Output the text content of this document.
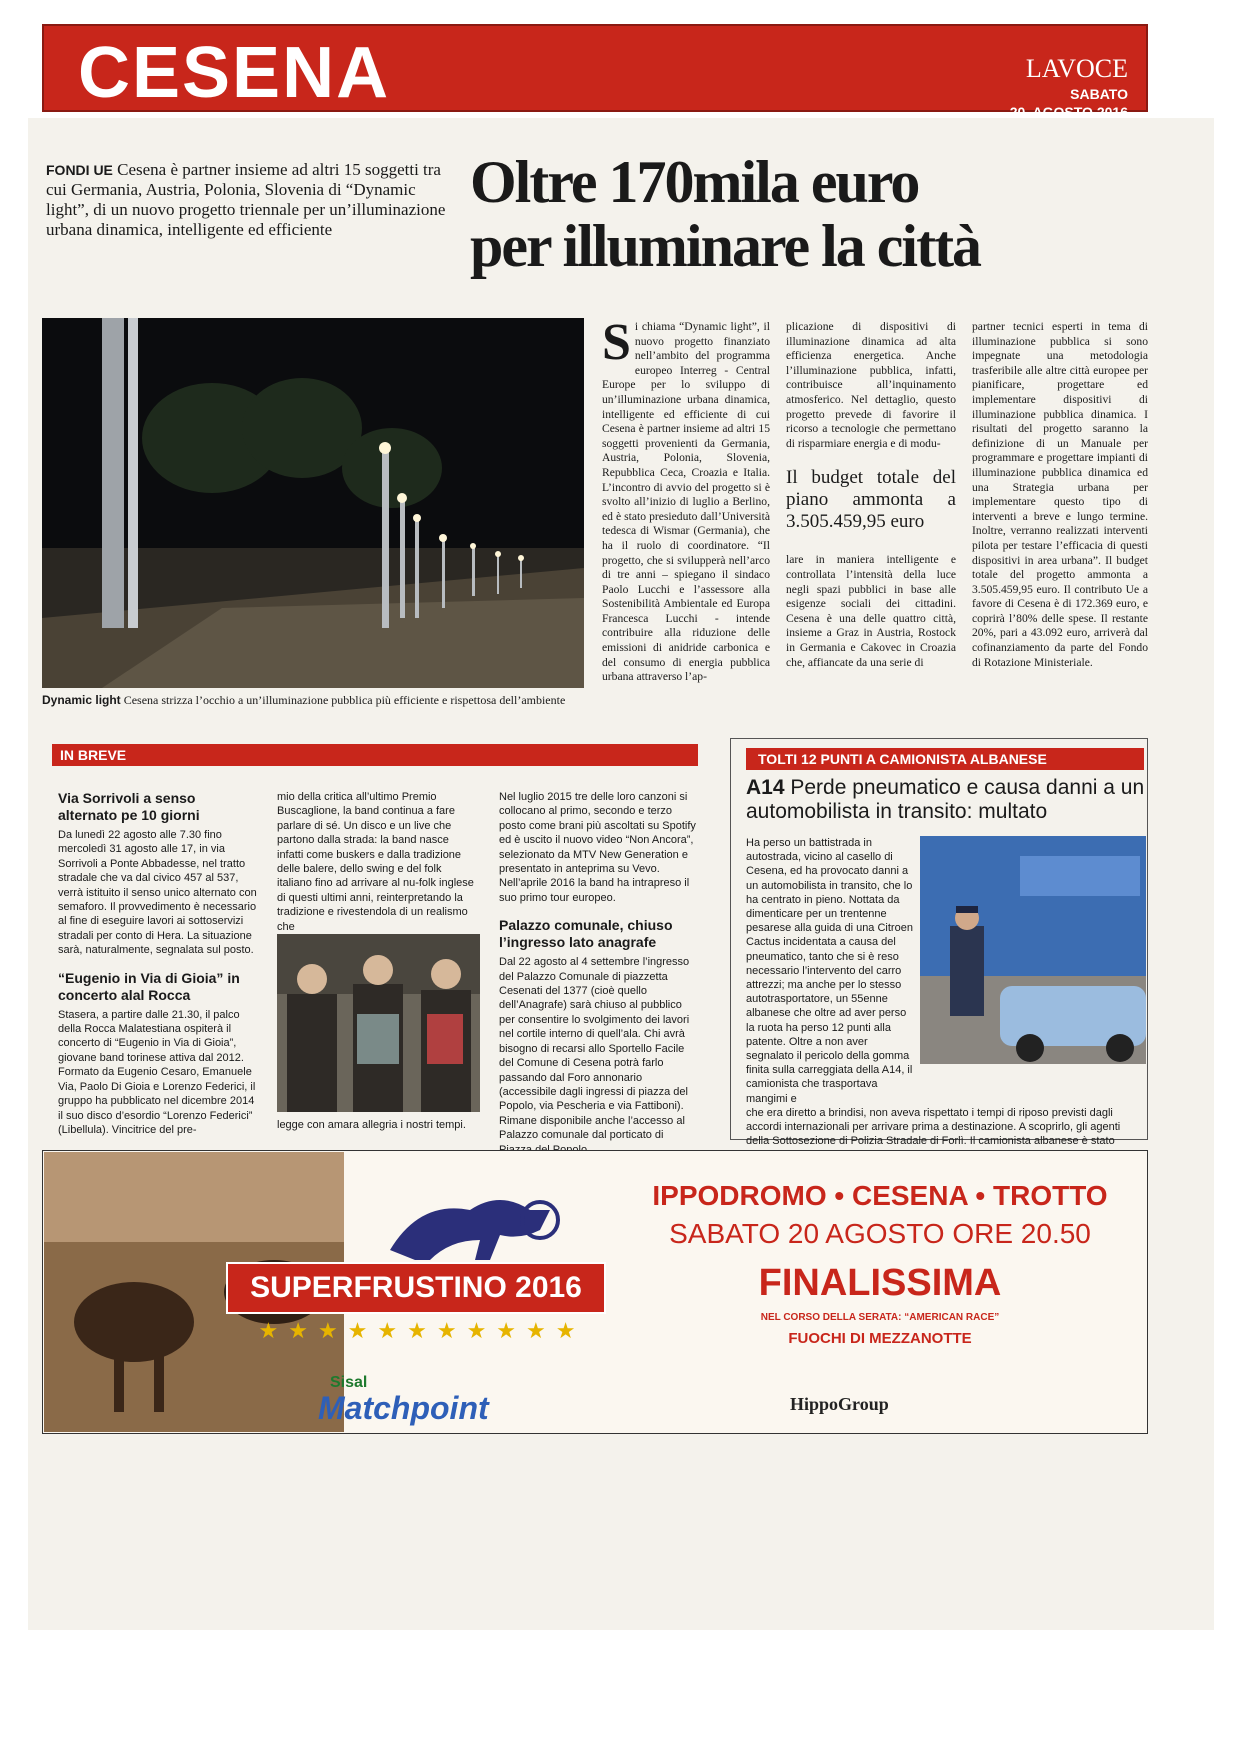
CESENA	LAVOCE
SABATO
20. AGOSTO 2016
FONDI UE Cesena è partner insieme ad altri 15 soggetti tra cui Germania, Austria, Polonia, Slovenia di “Dynamic light”, di un nuovo progetto triennale per un’illuminazione urbana dinamica, intelligente ed efficiente
Oltre 170mila euro
per illuminare la città
Dynamic light Cesena strizza l’occhio a un’illuminazione pubblica più efficiente e rispettosa dell’ambiente
Si chiama “Dynamic light”, il nuovo progetto finanziato nell’ambito del programma europeo Interreg - Central Europe per lo sviluppo di un’illuminazione urbana dinamica, intelligente ed efficiente di cui Cesena è partner insieme ad altri 15 soggetti provenienti da Germania, Austria, Polonia, Slovenia, Repubblica Ceca, Croazia e Italia. L’incontro di avvio del progetto si è svolto all’inizio di luglio a Berlino, ed è stato presieduto dall’Università tedesca di Wismar (Germania), che ha il ruolo di coordinatore. “Il progetto, che si svilupperà nell’arco di tre anni – spiegano il sindaco Paolo Lucchi e l’assessore alla Sostenibilità Ambientale ed Europa Francesca Lucchi - intende contribuire alla riduzione delle emissioni di anidride carbonica e del consumo di energia pubblica urbana attraverso l’ap-
plicazione di dispositivi di illuminazione dinamica ad alta efficienza energetica. Anche l’illuminazione pubblica, infatti, contribuisce all’inquinamento atmosferico. Nel dettaglio, questo progetto prevede di favorire il ricorso a tecnologie che permettano di risparmiare energia e di modu-
Il budget totale del piano ammonta a 3.505.459,95 euro
lare in maniera intelligente e controllata l’intensità della luce negli spazi pubblici in base alle esigenze sociali dei cittadini. Cesena è una delle quattro città, insieme a Graz in Austria, Rostock in Germania e Cakovec in Croazia che, affiancate da una serie di
partner tecnici esperti in tema di illuminazione pubblica si sono impegnate una metodologia trasferibile alle altre città europee per pianificare, progettare ed implementare dispositivi di illuminazione pubblica dinamica. I risultati del progetto saranno la definizione di un Manuale per programmare e progettare impianti di illuminazione pubblica dinamica ed una Strategia urbana per implementare questo tipo di interventi a breve e lungo termine. Inoltre, verranno realizzati interventi pilota per testare l’efficacia di questi dispositivi in area urbana”. Il budget totale del progetto ammonta a 3.505.459,95 euro. Il contributo Ue a favore di Cesena è di 172.369 euro, e coprirà l’80% delle spese. Il restante 20%, pari a 43.092 euro, arriverà dal cofinanziamento da parte del Fondo di Rotazione Ministeriale.
IN BREVE
Via Sorrivoli a senso alternato pe 10 giorni
Da lunedì 22 agosto alle 7.30 fino mercoledì 31 agosto alle 17, in via Sorrivoli a Ponte Abbadesse, nel tratto stradale che va dal civico 457 al 537, verrà istituito il senso unico alternato con semaforo. Il provvedimento è necessario al fine di eseguire lavori ai sottoservizi stradali per conto di Hera. La situazione sarà, naturalmente, segnalata sul posto.
“Eugenio in Via di Gioia” in concerto alal Rocca
Stasera, a partire dalle 21.30, il palco della Rocca Malatestiana ospiterà il concerto di “Eugenio in Via di Gioia”, giovane band torinese attiva dal 2012. Formato da Eugenio Cesaro, Emanuele Via, Paolo Di Gioia e Lorenzo Federici, il gruppo ha pubblicato nel dicembre 2014 il suo disco d’esordio “Lorenzo Federici” (Libellula). Vincitrice del pre-
mio della critica all’ultimo Premio Buscaglione, la band continua a fare parlare di sé. Un disco e un live che partono dalla strada: la band nasce infatti come buskers e dalla tradizione delle balere, dello swing e del folk italiano fino ad arrivare al nu-folk inglese di questi ultimi anni, reinterpretando la tradizione e rivestendola di un realismo che
legge con amara allegria i nostri tempi.
Nel luglio 2015 tre delle loro canzoni si collocano al primo, secondo e terzo posto come brani più ascoltati su Spotify ed è uscito il nuovo video “Non Ancora”, selezionato da MTV New Generation e presentato in anteprima su Vevo. Nell’aprile 2016 la band ha intrapreso il suo primo tour europeo.
Palazzo comunale, chiuso l’ingresso lato anagrafe
Dal 22 agosto al 4 settembre l’ingresso del Palazzo Comunale di piazzetta Cesenati del 1377 (cioè quello dell’Anagrafe) sarà chiuso al pubblico per consentire lo svolgimento dei lavori nel cortile interno di quell’ala. Chi avrà bisogno di recarsi allo Sportello Facile del Comune di Cesena potrà farlo passando dal Foro annonario (accessibile dagli ingressi di piazza del Popolo, via Pescheria e via Fattiboni). Rimane disponibile anche l’accesso al Palazzo comunale dal porticato di
TOLTI 12 PUNTI A CAMIONISTA ALBANESE
A14 Perde pneumatico e causa danni a un automobilista in transito: multato
Ha perso un battistrada in autostrada, vicino al casello di Cesena, ed ha provocato danni a un automobilista in transito, che lo ha centrato in pieno. Nottata da dimenticare per un trentenne pesarese alla guida di una Citroen Cactus incidentata a causa del pneumatico, tanto che si è reso necessario l’intervento del carro attrezzi; ma anche per lo stesso autotrasportatore, un 55enne albanese che oltre ad aver perso la ruota ha perso 12 punti alla patente. Oltre a non aver segnalato il pericolo della gomma finita sulla carreggiata della A14, il camionista che trasportava mangimi e
che era diretto a brindisi, non aveva rispettato i tempi di riposo previsti dagli accordi internazionali per arrivare prima a destinazione. A scoprirlo, gli agenti della Sottosezione di Polizia Stradale di Forlì. Il camionista albanese è stato
SUPERFRUSTINO 2016
★★★★★★★★★★★
IPPODROMO • CESENA • TROTTO
SABATO 20 AGOSTO ORE 20.50
FINALISSIMA
NEL CORSO DELLA SERATA: “AMERICAN RACE”
FUOCHI DI MEZZANOTTE
Sisal
Matchpoint	HippoGroup
